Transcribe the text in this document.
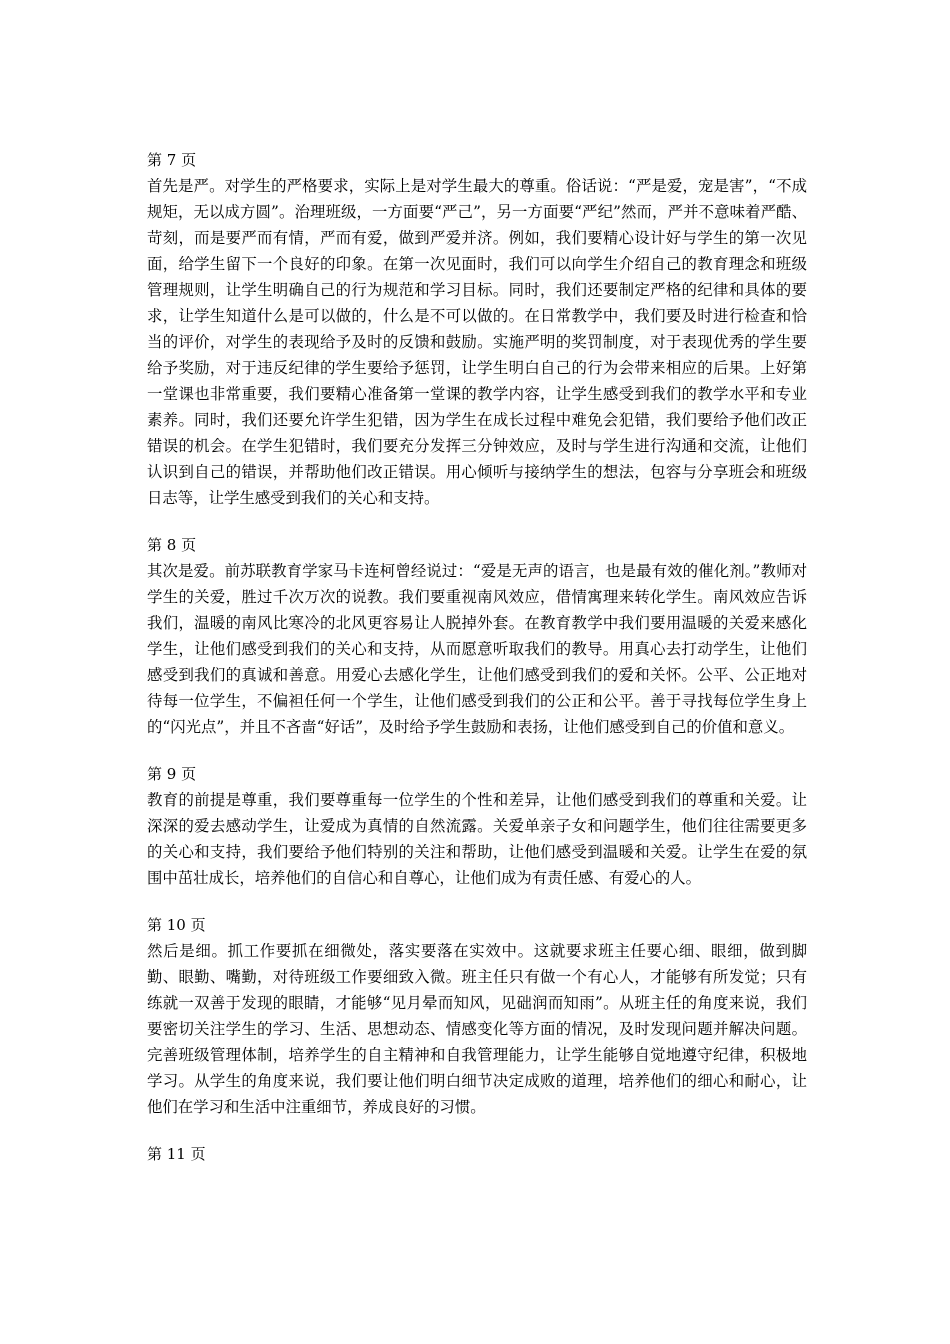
第 7 页

首先是严。对学生的严格要求，实际上是对学生最大的尊重。俗话说：“严是爱，宠是害”，“不成规矩，无以成方圆”。治理班级，一方面要“严己”，另一方面要“严纪”然而，严并不意味着严酷、苛刻，而是要严而有情，严而有爱，做到严爱并济。例如，我们要精心设计好与学生的第一次见面，给学生留下一个良好的印象。在第一次见面时，我们可以向学生介绍自己的教育理念和班级管理规则，让学生明确自己的行为规范和学习目标。同时，我们还要制定严格的纪律和具体的要求，让学生知道什么是可以做的，什么是不可以做的。在日常教学中，我们要及时进行检查和恰当的评价，对学生的表现给予及时的反馈和鼓励。实施严明的奖罚制度，对于表现优秀的学生要给予奖励，对于违反纪律的学生要给予惩罚，让学生明白自己的行为会带来相应的后果。上好第一堂课也非常重要，我们要精心准备第一堂课的教学内容，让学生感受到我们的教学水平和专业素养。同时，我们还要允许学生犯错，因为学生在成长过程中难免会犯错，我们要给予他们改正错误的机会。在学生犯错时，我们要充分发挥三分钟效应，及时与学生进行沟通和交流，让他们认识到自己的错误，并帮助他们改正错误。用心倾听与接纳学生的想法，包容与分享班会和班级日志等，让学生感受到我们的关心和支持。

第 8 页

其次是爱。前苏联教育学家马卡连柯曾经说过：“爱是无声的语言，也是最有效的催化剂。”教师对学生的关爱，胜过千次万次的说教。我们要重视南风效应，借情寓理来转化学生。南风效应告诉我们，温暖的南风比寒冷的北风更容易让人脱掉外套。在教育教学中我们要用温暖的关爱来感化学生，让他们感受到我们的关心和支持，从而愿意听取我们的教导。用真心去打动学生，让他们感受到我们的真诚和善意。用爱心去感化学生，让他们感受到我们的爱和关怀。公平、公正地对待每一位学生，不偏袒任何一个学生，让他们感受到我们的公正和公平。善于寻找每位学生身上的“闪光点”，并且不吝啬“好话”，及时给予学生鼓励和表扬，让他们感受到自己的价值和意义。

第 9 页

教育的前提是尊重，我们要尊重每一位学生的个性和差异，让他们感受到我们的尊重和关爱。让深深的爱去感动学生，让爱成为真情的自然流露。关爱单亲子女和问题学生，他们往往需要更多的关心和支持，我们要给予他们特别的关注和帮助，让他们感受到温暖和关爱。让学生在爱的氛围中茁壮成长，培养他们的自信心和自尊心，让他们成为有责任感、有爱心的人。

第 10 页

然后是细。抓工作要抓在细微处，落实要落在实效中。这就要求班主任要心细、眼细，做到脚勤、眼勤、嘴勤，对待班级工作要细致入微。班主任只有做一个有心人，才能够有所发觉；只有练就一双善于发现的眼睛，才能够“见月晕而知风，见础润而知雨”。从班主任的角度来说，我们要密切关注学生的学习、生活、思想动态、情感变化等方面的情况，及时发现问题并解决问题。完善班级管理体制，培养学生的自主精神和自我管理能力，让学生能够自觉地遵守纪律，积极地学习。从学生的角度来说，我们要让他们明白细节决定成败的道理，培养他们的细心和耐心，让他们在学习和生活中注重细节，养成良好的习惯。

第 11 页
